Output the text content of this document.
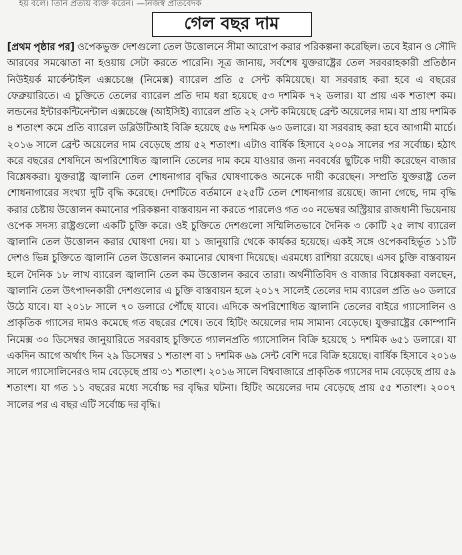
হয় বলে। তিনি প্রত্যয় ব্যক্ত করেন। —নিজস্ব প্রতিবেদক
গেল বছর দাম

[প্রথম পৃষ্ঠার পর] ওপেকভুক্ত দেশগুলো তেল উত্তোলনে সীমা আরোপ করার পরিকল্পনা করেছিল। তবে ইরান ও সৌদি আরবের সমঝোতা না হওয়ায় সেটা করতে পারেনি। সূত্র জানায়, সর্বশেষ যুক্তরাষ্ট্রের তেল সরবরাহকারী প্রতিষ্ঠান নিউইয়র্ক মার্কেন্টাইল এক্সচেঞ্জে (নিমেক্স) ব্যারেল প্রতি ৫ সেন্ট কমিয়েছে। যা সরবরাহ করা হবে এ বছরের ফেব্রুয়ারিতে। এ চুক্তিতে তেলের ব্যারেল প্রতি দাম ধরা হয়েছে ৫৩ দশমিক ৭২ ডলার। যা প্রায় এক শতাংশ কম। লন্ডনের ইন্টারকন্টিনেন্টাল এক্সচেঞ্জে (আইসিই) ব্যারেল প্রতি ২২ সেন্ট কমিয়েছে ব্রেন্ট অয়েলের দাম। যা প্রায় দশমিক ৪ শতাংশ কমে প্রতি ব্যারেল ডব্লিউটিআই বিক্রি হয়েছে ৫৬ দশমিক ৬৩ ডলারে। যা সরবরাহ করা হবে আগামী মার্চে। ২০১৬ সালে ব্রেন্ট অয়েলের দাম বেড়েছে প্রায় ৫২ শতাংশ। এটাও বার্ষিক হিসাবে ২০০৯ সালের পর সর্বোচ্চ। হঠাৎ করে বছরের শেষদিনে অপরিশোধিত জ্বালানি তেলের দাম কমে যাওয়ার জন্য নববর্ষের ছুটিকে দায়ী করেছেন বাজার বিশ্লেষকরা। যুক্তরাষ্ট্র জ্বালানি তেল শোধনাগার বৃদ্ধির ঘোষণাকেও অনেকে দায়ী করেছেন। সম্প্রতি যুক্তরাষ্ট্র তেল শোধনাগারের সংখ্যা দুটি বৃদ্ধি করেছে। দেশটিতে বর্তমানে ৫২৫টি তেল শোধনাগার রয়েছে। জানা গেছে, দাম বৃদ্ধি করার চেষ্টায় উত্তোলন কমানোর পরিকল্পনা বাস্তবায়ন না করতে পারলেও গত ৩০ নভেম্বর অস্ট্রিয়ার রাজধানী ভিয়েনায় ওপেক সদস্য রাষ্ট্রগুলো একটি চুক্তি করে। ওই চুক্তিতে দেশগুলো সম্মিলিতভাবে দৈনিক ৩ কোটি ২৫ লাখ ব্যারেল জ্বালানি তেল উত্তোলন করার ঘোষণা দেয়। যা ১ জানুয়ারি থেকে কার্যকর হয়েছে। একই সঙ্গে ওপেকবহির্ভূত ১১টি দেশও ভিন্ন চুক্তিতে জ্বালানি তেল উত্তোলন কমানোর ঘোষণা দিয়েছে। এরমধ্যে রাশিয়া রয়েছে। এসব চুক্তি বাস্তবায়ন হলে দৈনিক ১৮ লাখ ব্যারেল জ্বালানি তেল কম উত্তোলন করবে তারা। অর্থনীতিবিদ ও বাজার বিশ্লেষকরা বলছেন, জ্বালানি তেল উৎপাদনকারী দেশগুলোর এ চুক্তি বাস্তবায়ন হলে ২০১৭ সালেই তেলের দাম ব্যারেল প্রতি ৬০ ডলারে উঠে যাবে। যা ২০১৮ সালে ৭০ ডলারে পৌঁছে যাবে। এদিকে অপরিশোধিত জ্বালানি তেলের বাইরে গ্যাসোলিন ও প্রাকৃতিক গ্যাসের দামও কমেছে গত বছরের শেষে। তবে হিটিং অয়েলের দাম সামান্য বেড়েছে। যুক্তরাষ্ট্রের কোম্পানি নিমেক্স ৩০ ডিসেম্বর জানুয়ারিতে সরবরাহ চুক্তিতে গ্যালনপ্রতি গ্যাসোলিন বিক্রি হয়েছে ১ দশমিক ৬৫১ ডলারে। যা একদিন আগে অর্থাৎ দিন ২৯ ডিসেম্বর ১ শতাংশ বা ১ দশমিক ৬৯ সেন্ট বেশি দরে বিক্রি হয়েছে। বার্ষিক হিসাবে ২০১৬ সালে গ্যাসোলিনেরও দাম বেড়েছে প্রায় ৩১ শতাংশ। ২০১৬ সালে বিশ্ববাজারে প্রাকৃতিক গ্যাসের দাম বেড়েছে প্রায় ৫৯ শতাংশ। যা গত ১১ বছরের মধ্যে সর্বোচ্চ দর বৃদ্ধির ঘটনা। হিটিং অয়েলের দাম বেড়েছে প্রায় ৫৫ শতাংশ। ২০০৭ সালের পর এ বছর এটি সর্বোচ্চ দর বৃদ্ধি।
